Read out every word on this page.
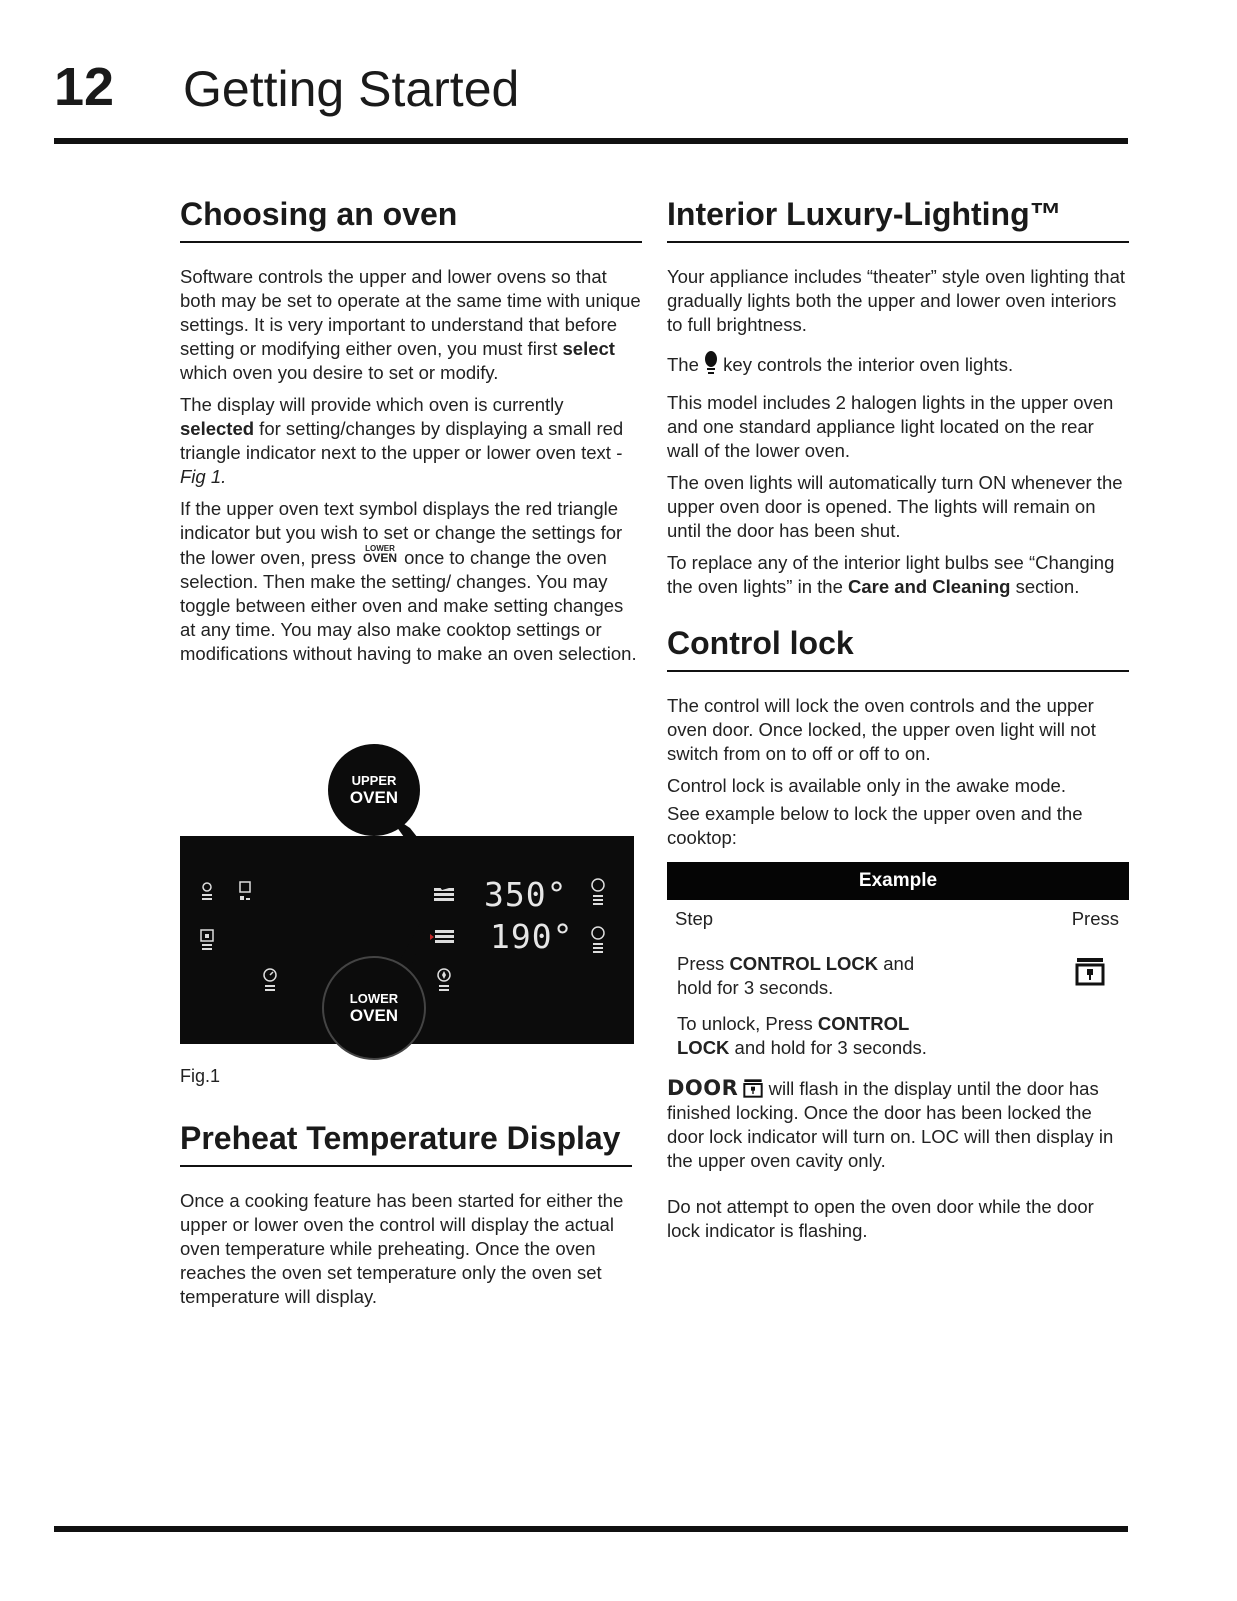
12 Getting Started
Choosing an oven

Software controls the upper and lower ovens so that both may be set to operate at the same time with unique settings. It is very important to understand that before setting or modifying either oven, you must first select which oven you desire to set or modify.

The display will provide which oven is currently selected for setting/changes by displaying a small red triangle indicator next to the upper or lower oven text -Fig 1.

If the upper oven text symbol displays the red triangle indicator but you wish to set or change the settings for the lower oven, press LOWER
OVEN once to change the oven selection. Then make the setting/ changes. You may toggle between either oven and make setting changes at any time. You may also make cooktop settings or modifications without having to make an oven selection.

350°
190°
UPPER
OVEN
LOWER
OVEN
Fig.1
Preheat Temperature Display

Once a cooking feature has been started for either the upper or lower oven the control will display the actual oven temperature while preheating. Once the oven reaches the oven set temperature only the oven set temperature will display.

Interior Luxury-Lighting™

Your appliance includes “theater” style oven lighting that gradually lights both the upper and lower oven interiors to full brightness.

The  key controls the interior oven lights.

This model includes 2 halogen lights in the upper oven and one standard appliance light located on the rear wall of the lower oven.

The oven lights will automatically turn ON whenever the upper oven door is opened. The lights will remain on until the door has been shut.

To replace any of the interior light bulbs see “Changing the oven lights” in the Care and Cleaning section.

Control lock

The control will lock the oven controls and the upper oven door. Once locked, the upper oven light will not switch from on to off or off to on.

Control lock is available only in the awake mode.

See example below to lock the upper oven and the cooktop:

Example
Step	Press
Press CONTROL LOCK and hold for 3 seconds.
To unlock, Press CONTROL LOCK and hold for 3 seconds.

DOOR  will flash in the display until the door has finished locking. Once the door has been locked the door lock indicator will turn on. LOC will then display in the upper oven cavity only.

Do not attempt to open the oven door while the door lock indicator is flashing.
